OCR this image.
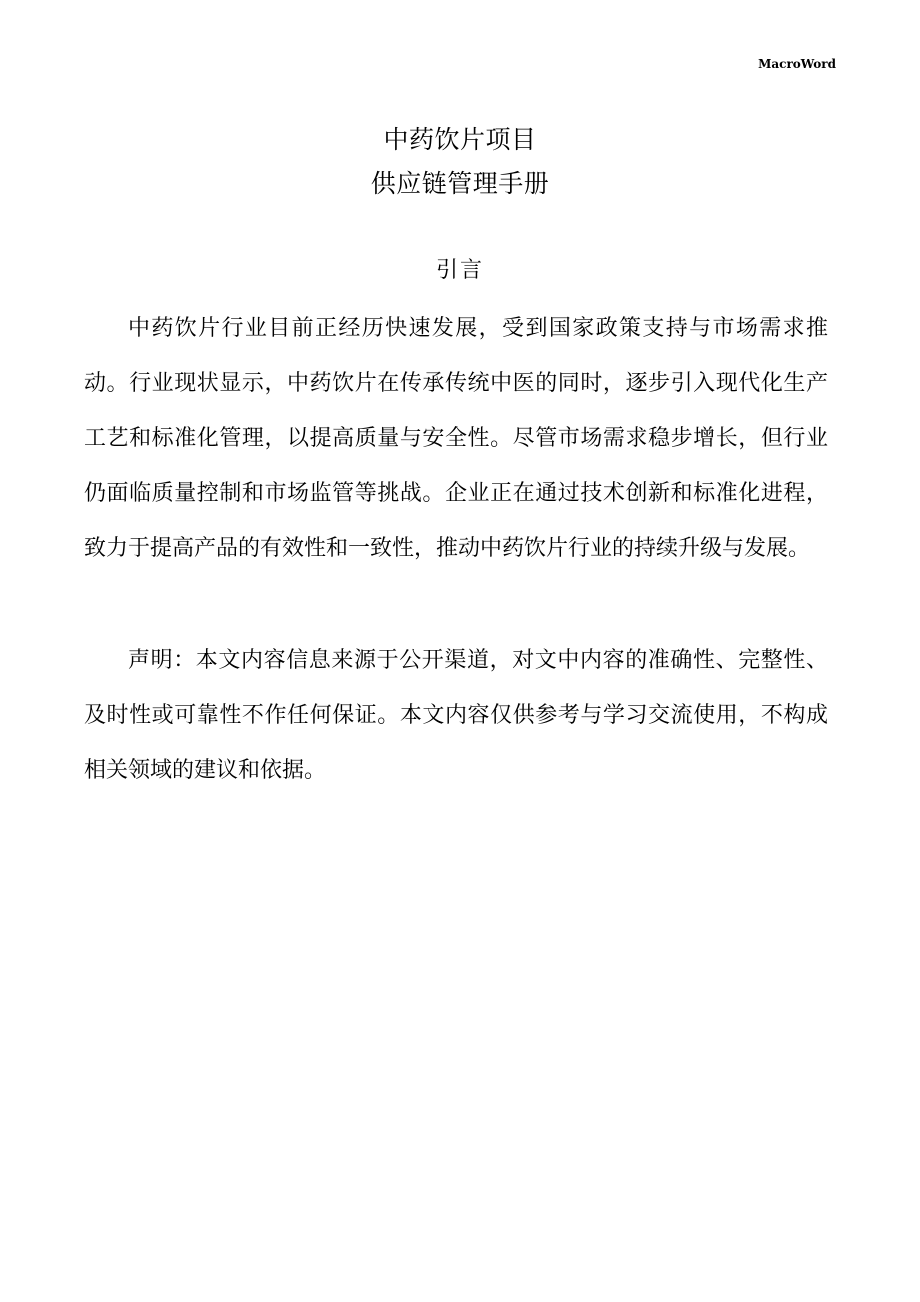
MacroWord
中药饮片项目
供应链管理手册
引言

中药饮片行业目前正经历快速发展，受到国家政策支持与市场需求推动。行业现状显示，中药饮片在传承传统中医的同时，逐步引入现代化生产工艺和标准化管理，以提高质量与安全性。尽管市场需求稳步增长，但行业仍面临质量控制和市场监管等挑战。企业正在通过技术创新和标准化进程，致力于提高产品的有效性和一致性，推动中药饮片行业的持续升级与发展。

声明：本文内容信息来源于公开渠道，对文中内容的准确性、完整性、及时性或可靠性不作任何保证。本文内容仅供参考与学习交流使用，不构成相关领域的建议和依据。
